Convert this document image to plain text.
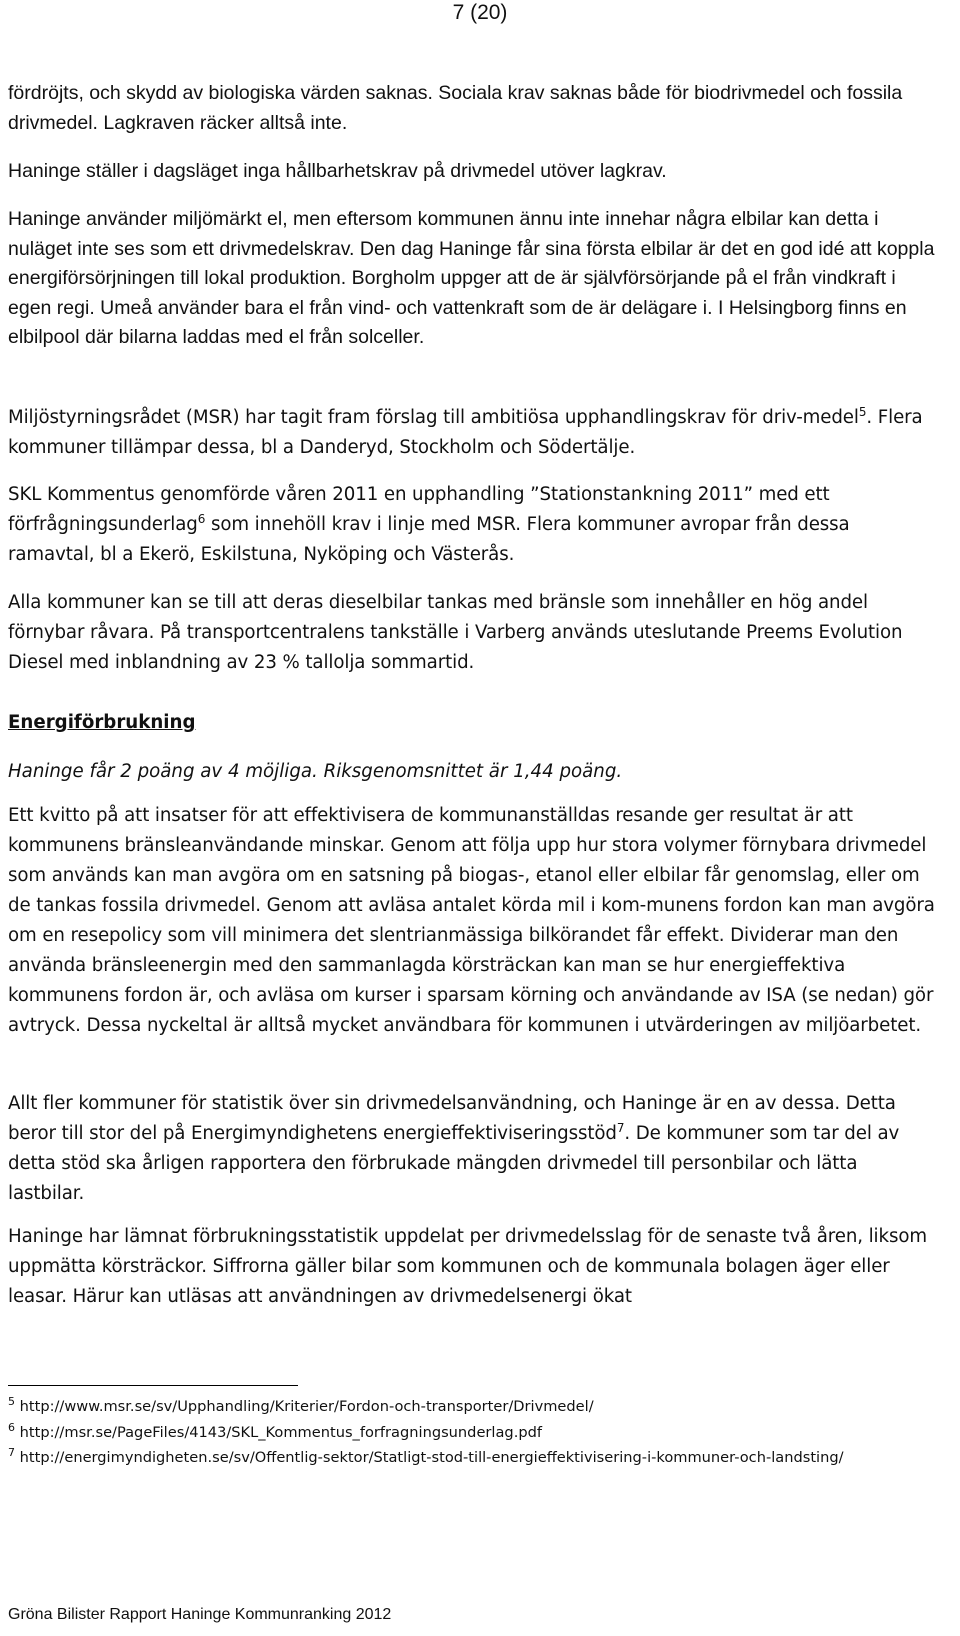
7 (20)

fördröjts, och skydd av biologiska värden saknas. Sociala krav saknas både för biodrivmedel och fossila drivmedel. Lagkraven räcker alltså inte.

Haninge ställer i dagsläget inga hållbarhetskrav på drivmedel utöver lagkrav.

Haninge använder miljömärkt el, men eftersom kommunen ännu inte innehar några elbilar kan detta i nuläget inte ses som ett drivmedelskrav. Den dag Haninge får sina första elbilar är det en god idé att koppla energiförsörjningen till lokal produktion. Borgholm uppger att de är självförsörjande på el från vindkraft i egen regi. Umeå använder bara el från vind- och vattenkraft som de är delägare i. I Helsingborg finns en elbilpool där bilarna laddas med el från solceller.

Miljöstyrningsrådet (MSR) har tagit fram förslag till ambitiösa upphandlingskrav för driv-medel$^5$. Flera kommuner tillämpar dessa, bl a Danderyd, Stockholm och Södertälje.

SKL Kommentus genomförde våren 2011 en upphandling ”Stationstankning 2011” med ett förfrågningsunderlag$^6$ som innehöll krav i linje med MSR. Flera kommuner avropar från dessa ramavtal, bl a Ekerö, Eskilstuna, Nyköping och Västerås.

Alla kommuner kan se till att deras dieselbilar tankas med bränsle som innehåller en hög andel förnybar råvara. På transportcentralens tankställe i Varberg används uteslutande Preems Evolution Diesel med inblandning av 23 % tallolja sommartid.

Energiförbrukning
Haninge får 2 poäng av 4 möjliga. Riksgenomsnittet är 1,44 poäng.

Ett kvitto på att insatser för att effektivisera de kommunanställdas resande ger resultat är att kommunens bränsleanvändande minskar. Genom att följa upp hur stora volymer förnybara drivmedel som används kan man avgöra om en satsning på biogas-, etanol eller elbilar får genomslag, eller om de tankas fossila drivmedel. Genom att avläsa antalet körda mil i kom-munens fordon kan man avgöra om en resepolicy som vill minimera det slentrianmässiga bilkörandet får effekt. Dividerar man den använda bränsleenergin med den sammanlagda körsträckan kan man se hur energieffektiva kommunens fordon är, och avläsa om kurser i sparsam körning och användande av ISA (se nedan) gör avtryck. Dessa nyckeltal är alltså mycket användbara för kommunen i utvärderingen av miljöarbetet.

Allt fler kommuner för statistik över sin drivmedelsanvändning, och Haninge är en av dessa. Detta beror till stor del på Energimyndighetens energieffektiviseringsstöd$^7$. De kommuner som tar del av detta stöd ska årligen rapportera den förbrukade mängden drivmedel till personbilar och lätta lastbilar.

Haninge har lämnat förbrukningsstatistik uppdelat per drivmedelsslag för de senaste två åren, liksom uppmätta körsträckor. Siffrorna gäller bilar som kommunen och de kommunala bolagen äger eller leasar. Härur kan utläsas att användningen av drivmedelsenergi ökat

$^5$ http://www.msr.se/sv/Upphandling/Kriterier/Fordon-och-transporter/Drivmedel/
$^6$ http://msr.se/PageFiles/4143/SKL_Kommentus_forfragningsunderlag.pdf
$^7$ http://energimyndigheten.se/sv/Offentlig-sektor/Statligt-stod-till-energieffektivisering-i-kommuner-och-landsting/
Gröna Bilister Rapport Haninge Kommunranking 2012
